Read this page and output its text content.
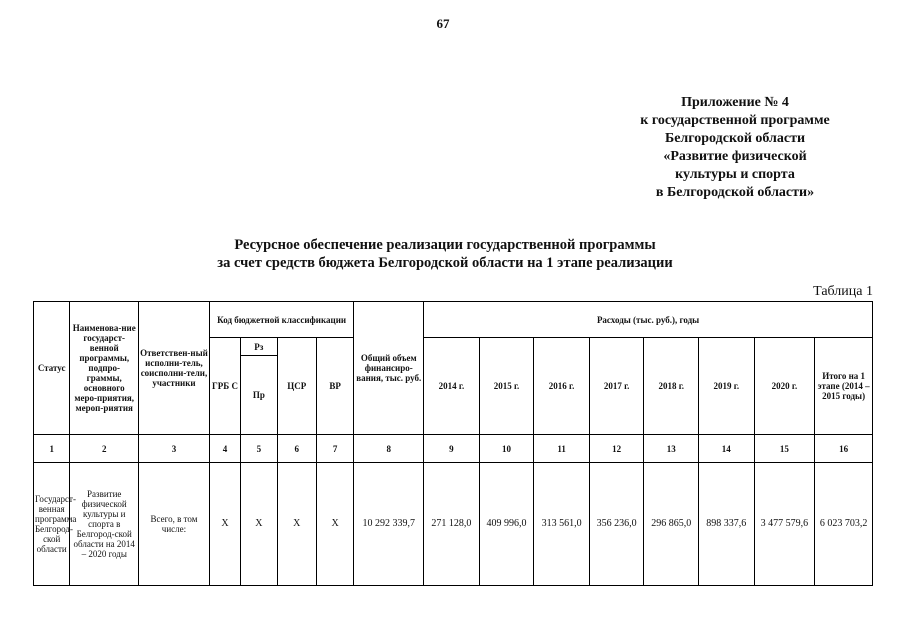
67
Приложение № 4
к государственной программе
Белгородской области
«Развитие физической
культуры и спорта
в Белгородской области»
Ресурсное обеспечение реализации государственной программы
за счет средств бюджета Белгородской области на 1 этапе реализации
Таблица 1
Статус	Наименова-ние государст-венной программы, подпро-граммы, основного меро-приятия, мероп-риятия	Ответствен-ный исполни-тель, соисполни-тели, участники	Код бюджетной классификации				Общий объем финансиро-вания, тыс. руб.	Расходы (тыс. руб.), годы							
			ГРБ С	Рз	ЦСР	ВР		2014 г.	2015 г.	2016 г.	2017 г.	2018 г.	2019 г.	2020 г.	Итого на 1 этапе (2014 – 2015 годы)
				Пр											
1	2	3	4	5	6	7	8	9	10	11	12	13	14	15	16
Государст-венная программа Белгород-ской области	Развитие физической культуры и спорта в Белгород-ской области на 2014 – 2020 годы	Всего, в том числе:	Х	Х	Х	Х	10 292 339,7	271 128,0	409 996,0	313 561,0	356 236,0	296 865,0	898 337,6	3 477 579,6	6 023 703,2
